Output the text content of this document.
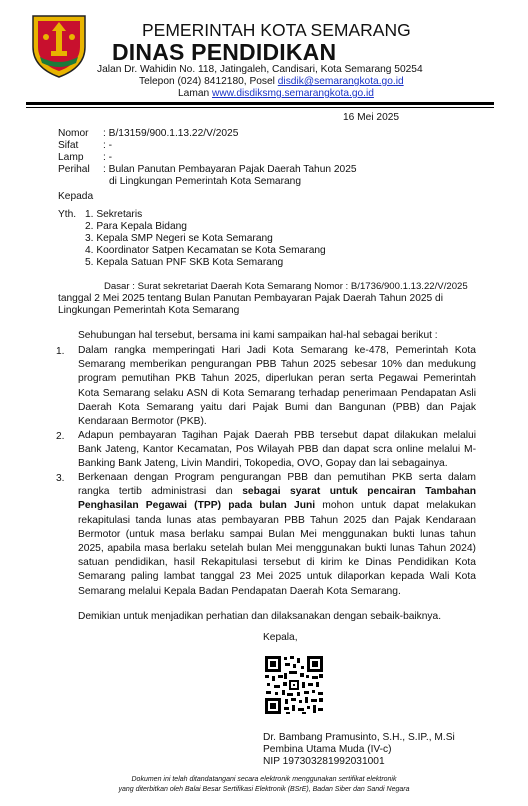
PEMERINTAH KOTA SEMARANG
DINAS PENDIDIKAN
Jalan Dr. Wahidin No. 118, Jatingaleh, Candisari, Kota Semarang 50254
Telepon (024) 8412180, Posel disdik@semarangkota.go.id
Laman www.disdiksmg.semarangkota.go.id
16 Mei 2025
Nomor : B/13159/900.1.13.22/V/2025
Sifat : -
Lamp : -
Perihal : Bulan Panutan Pembayaran Pajak Daerah Tahun 2025
di Lingkungan Pemerintah Kota Semarang
Kepada
Yth. 1. Sekretaris
2. Para Kepala Bidang
3. Kepala SMP Negeri se Kota Semarang
4. Koordinator Satpen Kecamatan se Kota Semarang
5. Kepala Satuan PNF SKB Kota Semarang
Dasar : Surat sekretariat Daerah Kota Semarang Nomor : B/1736/900.1.13.22/V/2025
tanggal 2 Mei 2025 tentang Bulan Panutan Pembayaran Pajak Daerah Tahun 2025 di
Lingkungan Pemerintah Kota Semarang
Sehubungan hal tersebut, bersama ini kami sampaikan hal-hal sebagai berikut :
1. Dalam rangka memperingati Hari Jadi Kota Semarang ke-478, Pemerintah Kota Semarang memberikan pengurangan PBB Tahun 2025 sebesar 10% dan medukung program pemutihan PKB Tahun 2025, diperlukan peran serta Pegawai Pemerintah Kota Semarang selaku ASN di Kota Semarang terhadap penerimaan Pendapatan Asli Daerah Kota Semarang yaitu dari Pajak Bumi dan Bangunan (PBB) dan Pajak Kendaraan Bermotor (PKB).
2. Adapun pembayaran Tagihan Pajak Daerah PBB tersebut dapat dilakukan melalui Bank Jateng, Kantor Kecamatan, Pos Wilayah PBB dan dapat scra online melalui M-Banking Bank Jateng, Livin Mandiri, Tokopedia, OVO, Gopay dan lai sebagainya.
3. Berkenaan dengan Program pengurangan PBB dan pemutihan PKB serta dalam rangka tertib administrasi dan sebagai syarat untuk pencairan Tambahan Penghasilan Pegawai (TPP) pada bulan Juni mohon untuk dapat melakukan rekapitulasi tanda lunas atas pembayaran PBB Tahun 2025 dan Pajak Kendaraan Bermotor (untuk masa berlaku sampai Bulan Mei menggunakan bukti lunas tahun 2025, apabila masa berlaku setelah bulan Mei menggunakan bukti lunas Tahun 2024) satuan pendidikan, hasil Rekapitulasi tersebut di kirim ke Dinas Pendidikan Kota Semarang paling lambat tanggal 23 Mei 2025 untuk dilaporkan kepada Wali Kota Semarang melalui Kepala Badan Pendapatan Daerah Kota Semarang.
Demikian untuk menjadikan perhatian dan dilaksanakan dengan sebaik-baiknya.
Kepala,
Dr. Bambang Pramusinto, S.H., S.IP., M.Si
Pembina Utama Muda (IV-c)
NIP 197303281992031001
Dokumen ini telah ditandatangani secara elektronik menggunakan sertifikat elektronik
yang diterbitkan oleh Balai Besar Sertifikasi Elektronik (BSrE), Badan Siber dan Sandi Negara
